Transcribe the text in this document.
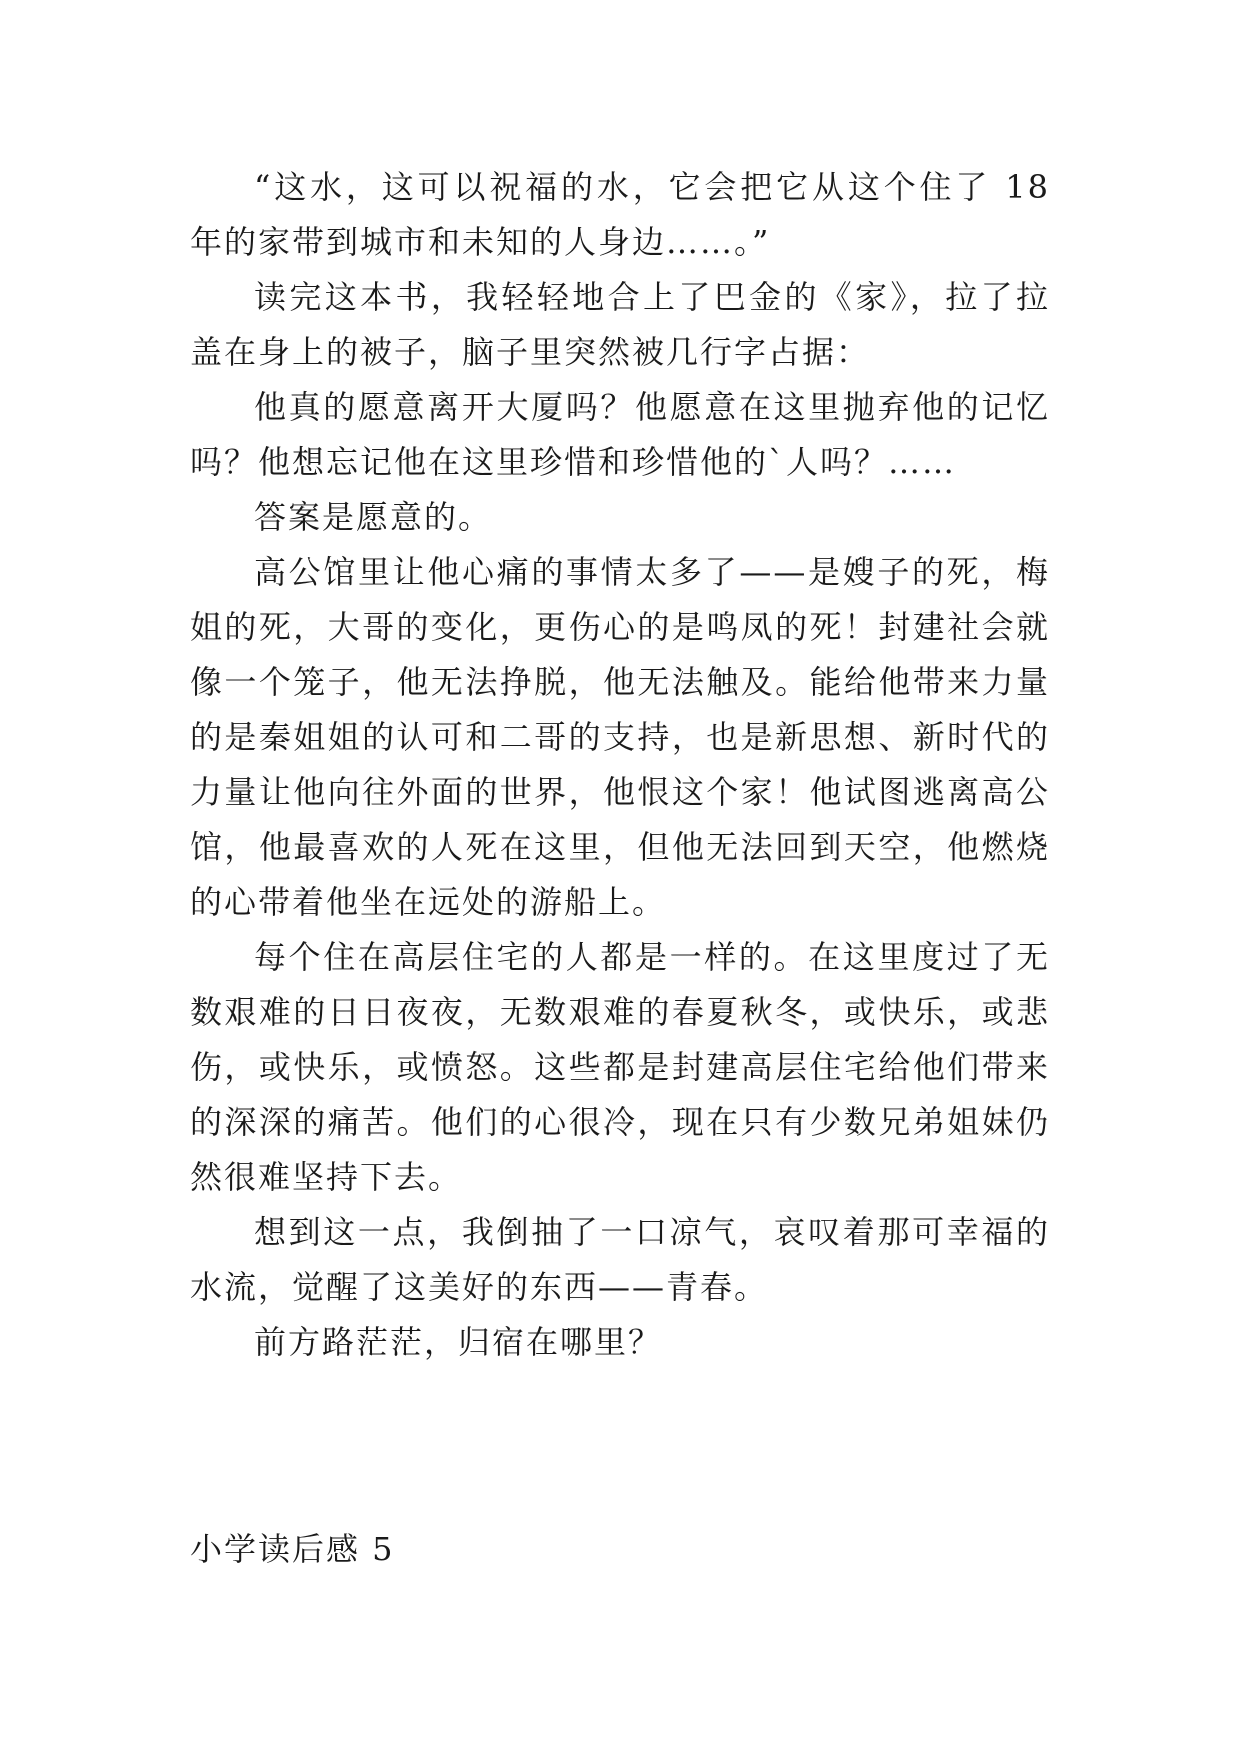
“这水，这可以祝福的水，它会把它从这个住了 18 年的家带到城市和未知的人身边……。”

读完这本书，我轻轻地合上了巴金的《家》，拉了拉盖在身上的被子，脑子里突然被几行字占据：

他真的愿意离开大厦吗？他愿意在这里抛弃他的记忆吗？他想忘记他在这里珍惜和珍惜他的`人吗？……

答案是愿意的。

高公馆里让他心痛的事情太多了——是嫂子的死，梅姐的死，大哥的变化，更伤心的是鸣凤的死！封建社会就像一个笼子，他无法挣脱，他无法触及。能给他带来力量的是秦姐姐的认可和二哥的支持，也是新思想、新时代的力量让他向往外面的世界，他恨这个家！他试图逃离高公馆，他最喜欢的人死在这里，但他无法回到天空，他燃烧的心带着他坐在远处的游船上。

每个住在高层住宅的人都是一样的。在这里度过了无数艰难的日日夜夜，无数艰难的春夏秋冬，或快乐，或悲伤，或快乐，或愤怒。这些都是封建高层住宅给他们带来的深深的痛苦。他们的心很冷，现在只有少数兄弟姐妹仍然很难坚持下去。

想到这一点，我倒抽了一口凉气，哀叹着那可幸福的水流，觉醒了这美好的东西——青春。

前方路茫茫，归宿在哪里？

小学读后感 5
